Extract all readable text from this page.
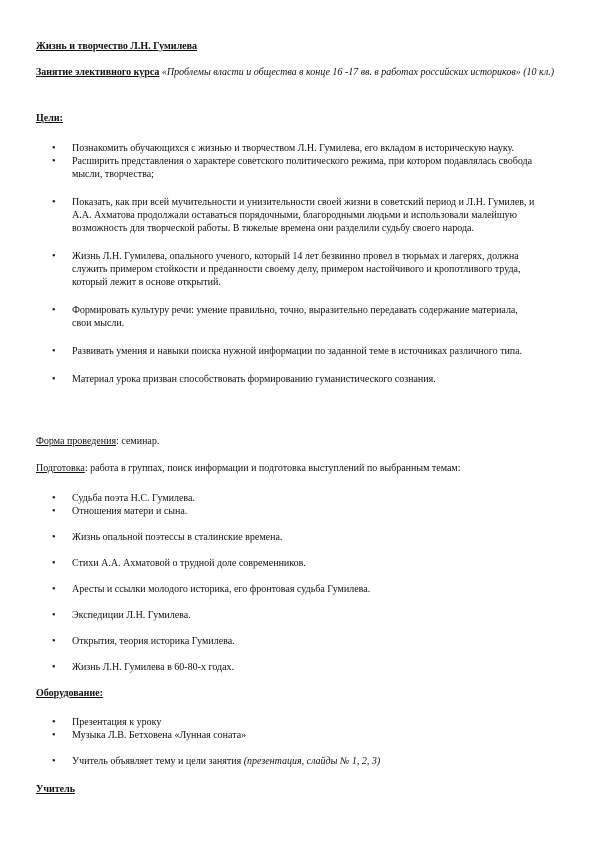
Жизнь и творчество Л.Н. Гумилева

Занятие элективного курса «Проблемы власти и общества в конце 16 -17 вв. в работах российских историков» (10 кл.)

Цели:

• Познакомить обучающихся с жизнью и творчеством Л.Н. Гумилева, его вкладом в историческую науку.
• Расширить представления о характере советского политического режима, при котором подавлялась свобода мысли, творчества;
• Показать, как при всей мучительности и унизительности своей жизни в советский период и Л.Н. Гумилев, и А.А. Ахматова продолжали оставаться порядочными, благородными людьми и использовали малейшую возможность для творческой работы. В тяжелые времена они разделили судьбу своего народа.
• Жизнь Л.Н. Гумилева, опального ученого, который 14 лет безвинно провел в тюрьмах и лагерях, должна служить примером стойкости и преданности своему делу, примером настойчивого и кропотливого труда, который лежит в основе открытий.
• Формировать культуру речи: умение правильно, точно, выразительно передавать содержание материала, свои мысли.
• Развивать умения и навыки поиска нужной информации по заданной теме в источниках различного типа.
• Материал урока призван способствовать формированию гуманистического сознания.

Форма проведения: семинар.

Подготовка: работа в группах, поиск информации и подготовка выступлений по выбранным темам:

• Судьба поэта Н.С. Гумилева.
• Отношения матери и сына.
• Жизнь опальной поэтессы в сталинские времена.
• Стихи А.А. Ахматовой о трудной доле современников.
• Аресты и ссылки молодого историка, его фронтовая судьба Гумилева.
• Экспедиции Л.Н. Гумилева.
• Открытия, теория историка Гумилева.
• Жизнь Л.Н. Гумилева в 60-80-х годах.

Оборудование:

• Презентация к уроку
• Музыка Л.В. Бетховена «Лунная соната»
• Учитель объявляет тему и цели занятия (презентация, слайды № 1, 2, 3)

Учитель
